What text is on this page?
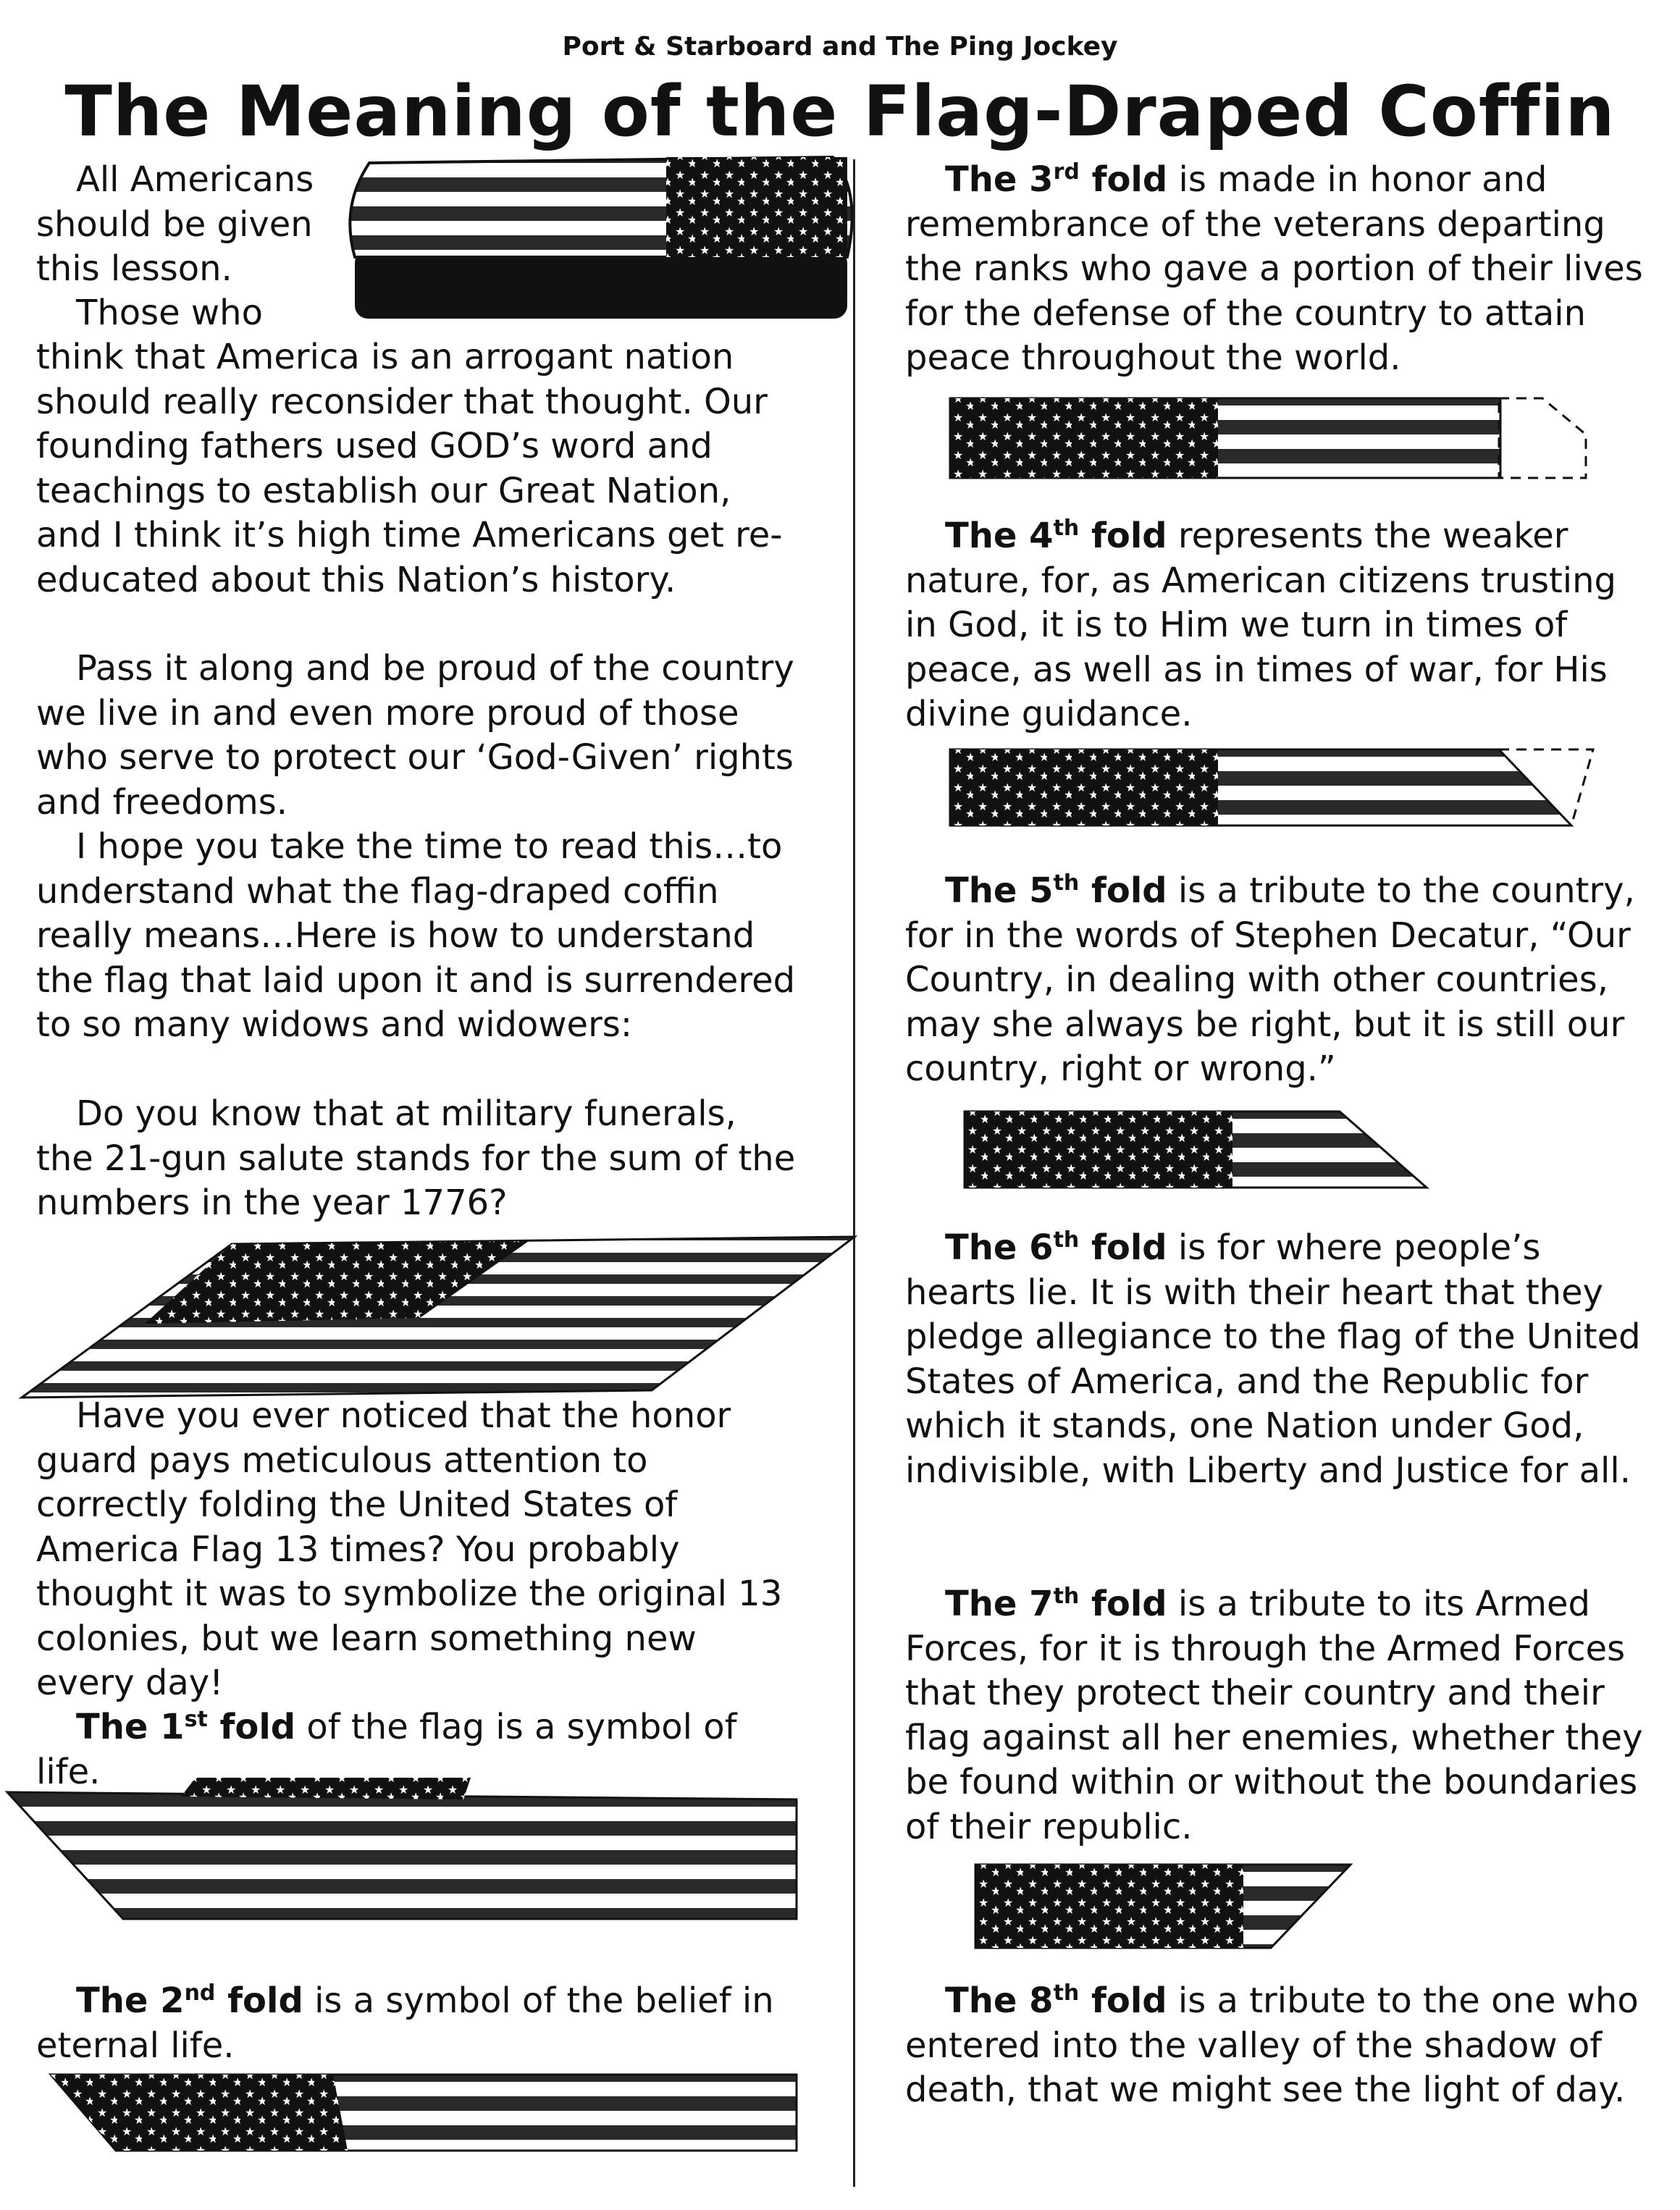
Port & Starboard and The Ping Jockey
The Meaning of the Flag-Draped Coffin
All Americans should be given this lesson.
Those who
think that America is an arrogant nation should really reconsider that thought. Our founding fathers used GOD’s word and teachings to establish our Great Nation, and I think it’s high time Americans get re-educated about this Nation’s history.
Pass it along and be proud of the country we live in and even more proud of those who serve to protect our ‘God-Given’ rights and freedoms.
I hope you take the time to read this…to understand what the flag-draped coffin really means…Here is how to understand the flag that laid upon it and is surrendered to so many widows and widowers:
Do you know that at military funerals, the 21-gun salute stands for the sum of the numbers in the year 1776?
Have you ever noticed that the honor guard pays meticulous attention to correctly folding the United States of America Flag 13 times? You probably thought it was to symbolize the original 13 colonies, but we learn something new every day!
The 1st fold of the flag is a symbol of life.
The 2nd fold is a symbol of the belief in eternal life.
The 3rd fold is made in honor and remembrance of the veterans departing the ranks who gave a portion of their lives for the defense of the country to attain peace throughout the world.
The 4th fold represents the weaker nature, for, as American citizens trusting in God, it is to Him we turn in times of peace, as well as in times of war, for His divine guidance.
The 5th fold is a tribute to the country, for in the words of Stephen Decatur, “Our Country, in dealing with other countries, may she always be right, but it is still our country, right or wrong.”
The 6th fold is for where people’s hearts lie. It is with their heart that they pledge allegiance to the flag of the United States of America, and the Republic for which it stands, one Nation under God, indivisible, with Liberty and Justice for all.
The 7th fold is a tribute to its Armed Forces, for it is through the Armed Forces that they protect their country and their flag against all her enemies, whether they be found within or without the boundaries of their republic.
The 8th fold is a tribute to the one who entered into the valley of the shadow of death, that we might see the light of day.
